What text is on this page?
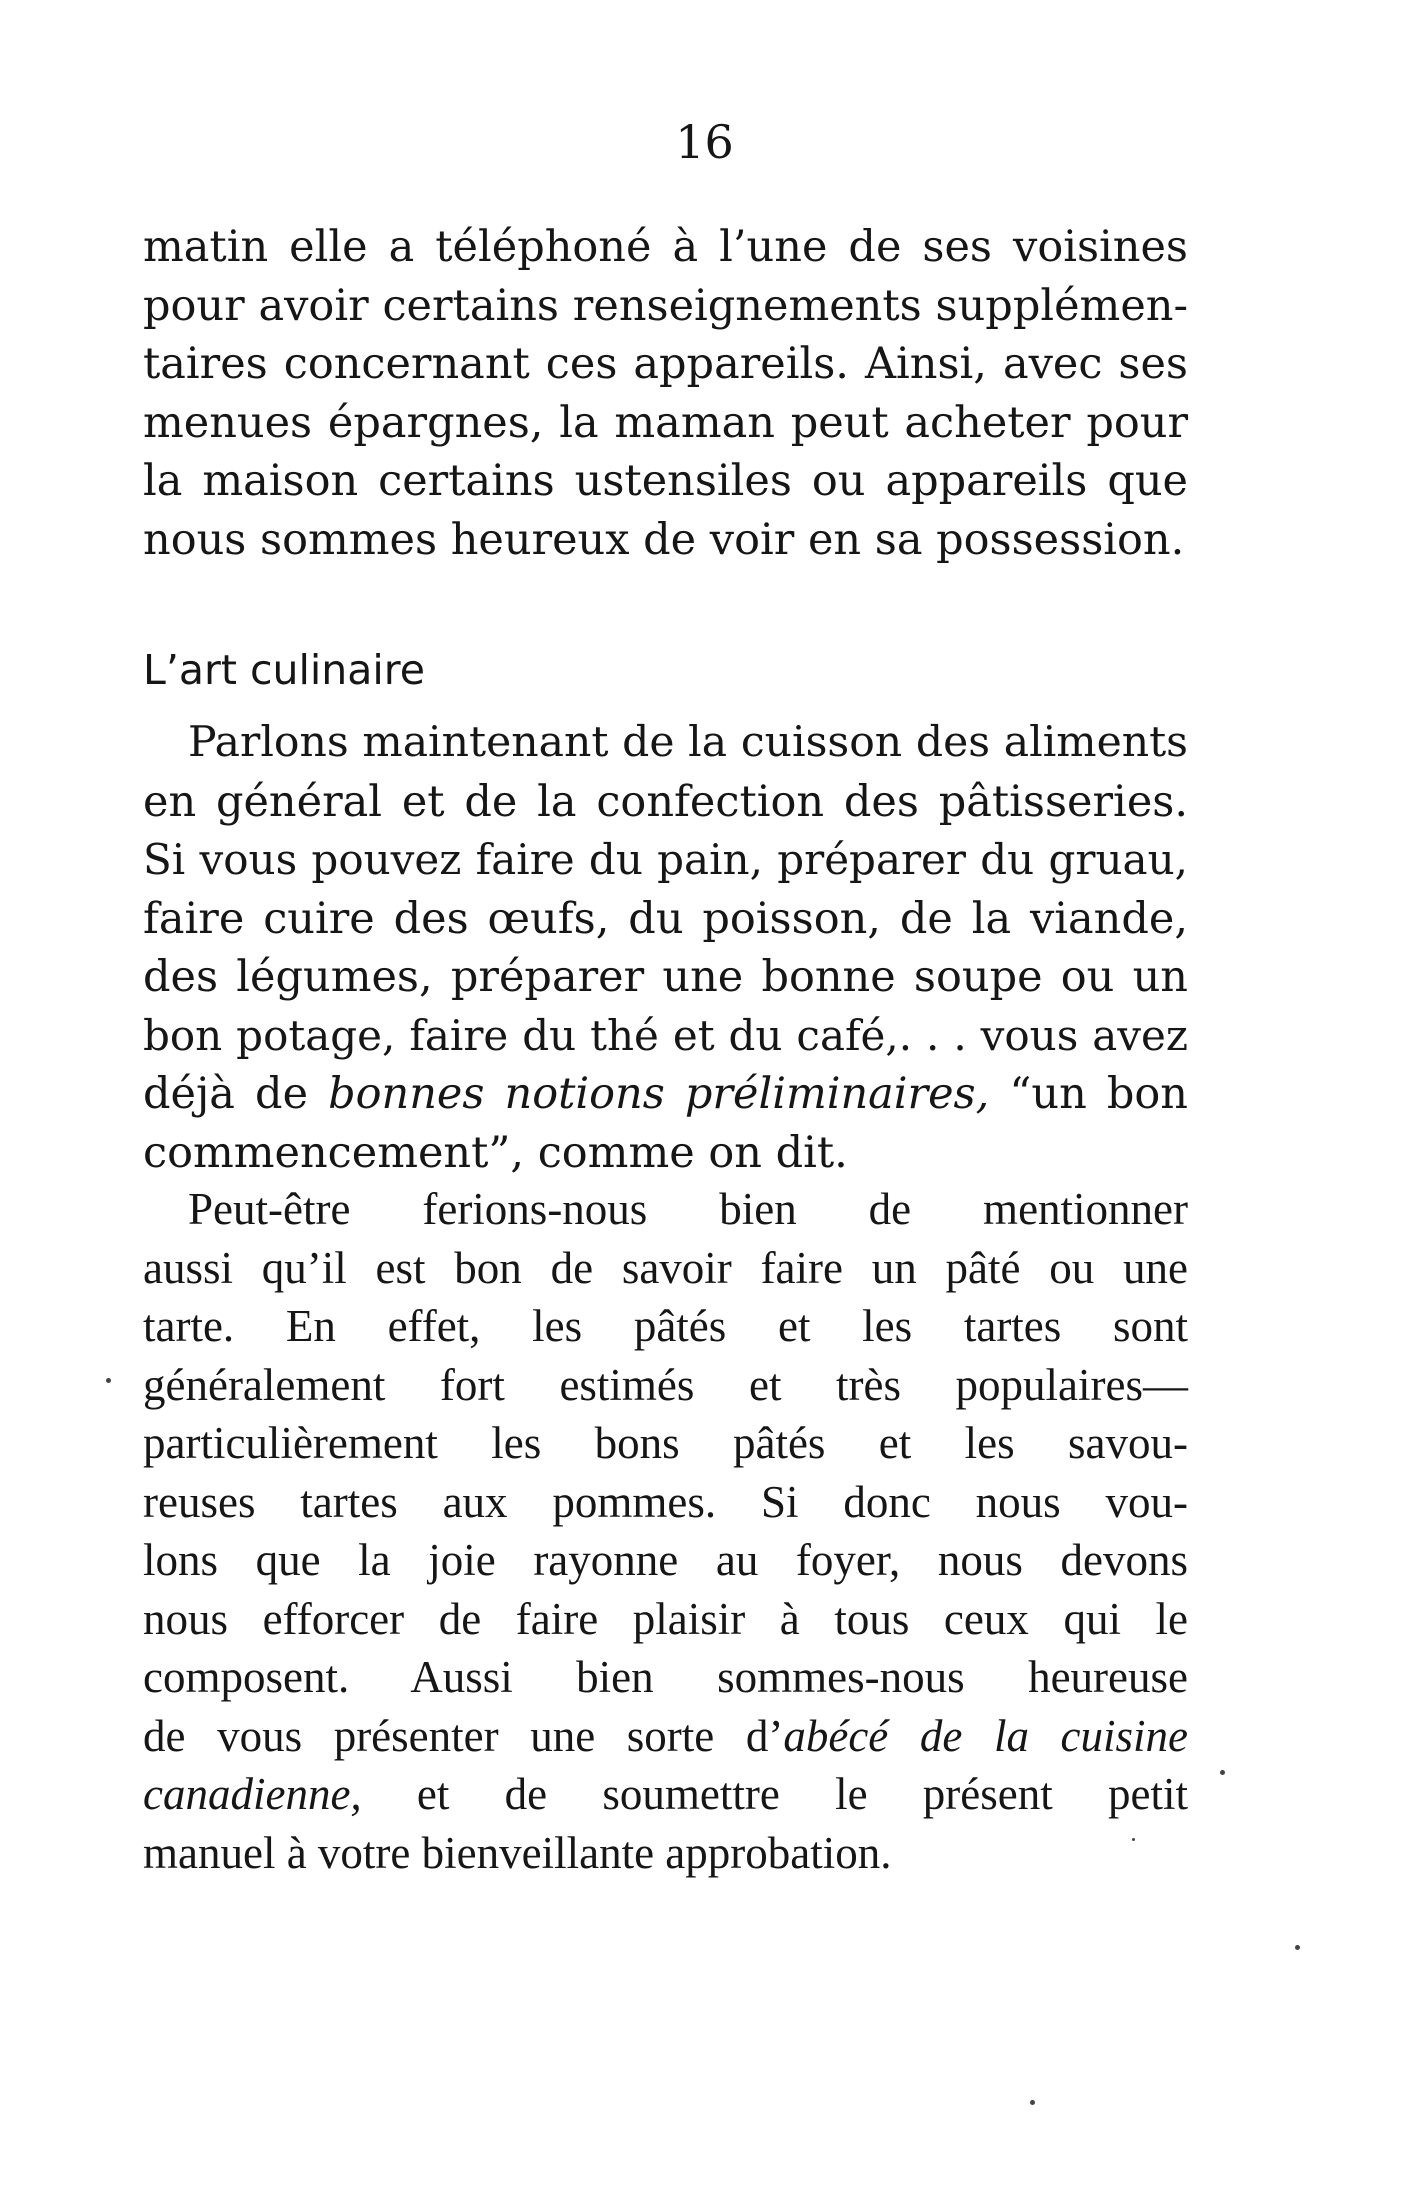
16
matin elle a téléphoné à l’une de ses voisines
pour avoir certains renseignements supplémen-
taires concernant ces appareils. Ainsi, avec ses
menues épargnes, la maman peut acheter pour
la maison certains ustensiles ou appareils que
nous sommes heureux de voir en sa possession.
L’art culinaire
Parlons maintenant de la cuisson des aliments
en général et de la confection des pâtisseries.
Si vous pouvez faire du pain, préparer du gruau,
faire cuire des œufs, du poisson, de la viande,
des légumes, préparer une bonne soupe ou un
bon potage, faire du thé et du café,. . . vous avez
déjà de bonnes notions préliminaires, “un bon
commencement”, comme on dit.
Peut-être ferions-nous bien de mentionner
aussi qu’il est bon de savoir faire un pâté ou une
tarte. En effet, les pâtés et les tartes sont
généralement fort estimés et très populaires—
particulièrement les bons pâtés et les savou-
reuses tartes aux pommes. Si donc nous vou-
lons que la joie rayonne au foyer, nous devons
nous efforcer de faire plaisir à tous ceux qui le
composent. Aussi bien sommes-nous heureuse
de vous présenter une sorte d’abécé de la cuisine
canadienne, et de soumettre le présent petit
manuel à votre bienveillante approbation.
